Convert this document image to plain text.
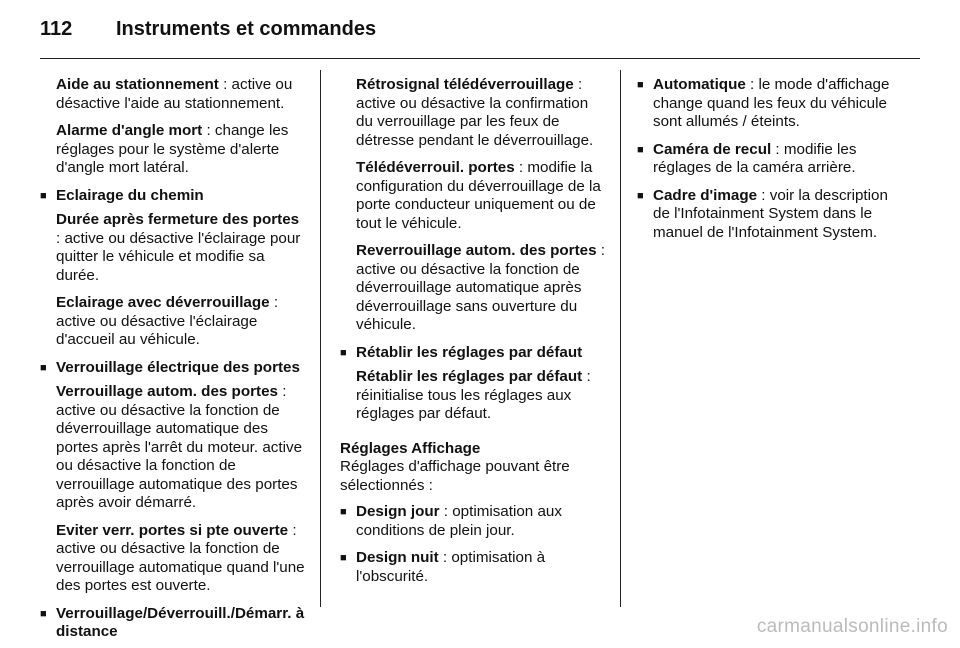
112 Instruments et commandes

Aide au stationnement : active ou désactive l'aide au stationnement.

Alarme d'angle mort : change les réglages pour le système d'alerte d'angle mort latéral.

■ Eclairage du chemin

Durée après fermeture des portes : active ou désactive l'éclairage pour quitter le véhicule et modifie sa durée.

Eclairage avec déverrouillage : active ou désactive l'éclairage d'accueil au véhicule.

■ Verrouillage électrique des portes

Verrouillage autom. des portes : active ou désactive la fonction de déverrouillage automatique des portes après l'arrêt du moteur. active ou désactive la fonction de verrouillage automatique des portes après avoir démarré.

Eviter verr. portes si pte ouverte : active ou désactive la fonction de verrouillage automatique quand l'une des portes est ouverte.

■ Verrouillage/Déverrouill./Démarr. à distance

Rétrosignal télédéverrouillage : active ou désactive la confirmation du verrouillage par les feux de détresse pendant le déverrouillage.

Télédéverrouil. portes : modifie la configuration du déverrouillage de la porte conducteur uniquement ou de tout le véhicule.

Reverrouillage autom. des portes : active ou désactive la fonction de déverrouillage automatique après déverrouillage sans ouverture du véhicule.

■ Rétablir les réglages par défaut

Rétablir les réglages par défaut : réinitialise tous les réglages aux réglages par défaut.

Réglages Affichage

Réglages d'affichage pouvant être sélectionnés :

■ Design jour : optimisation aux conditions de plein jour.

■ Design nuit : optimisation à l'obscurité.

■ Automatique : le mode d'affichage change quand les feux du véhicule sont allumés / éteints.

■ Caméra de recul : modifie les réglages de la caméra arrière.

■ Cadre d'image : voir la description de l'Infotainment System dans le manuel de l'Infotainment System.

carmanualsonline.info
